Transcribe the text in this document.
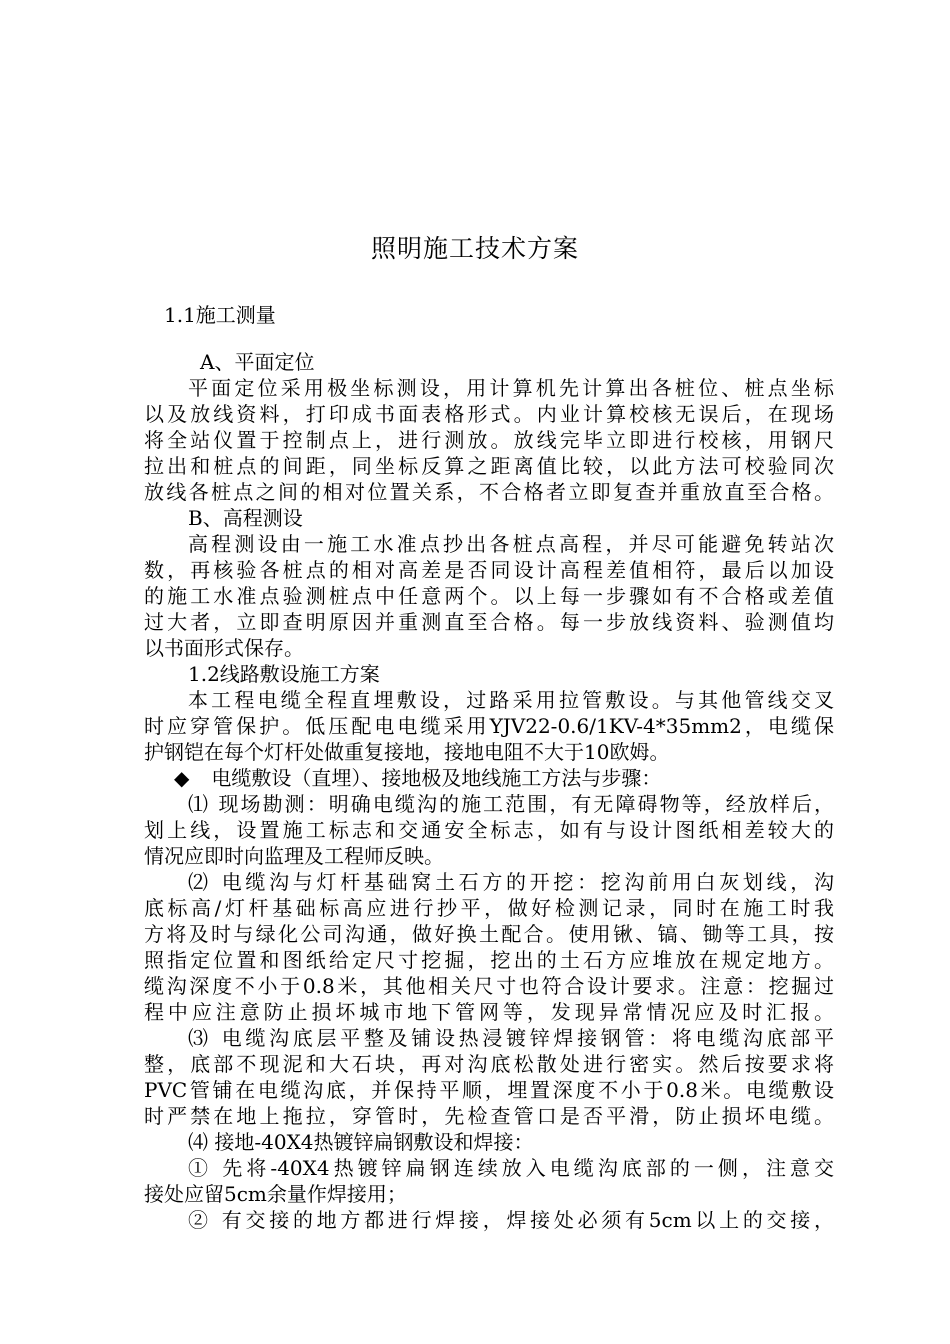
照明施工技术方案
1.1施工测量
A、平面定位
平面定位采用极坐标测设，用计算机先计算出各桩位、桩点坐标
以及放线资料，打印成书面表格形式。内业计算校核无误后，在现场
将全站仪置于控制点上，进行测放。放线完毕立即进行校核，用钢尺
拉出和桩点的间距，同坐标反算之距离值比较，以此方法可校验同次
放线各桩点之间的相对位置关系，不合格者立即复查并重放直至合格。
B、高程测设
高程测设由一施工水准点抄出各桩点高程，并尽可能避免转站次
数，再核验各桩点的相对高差是否同设计高程差值相符，最后以加设
的施工水准点验测桩点中任意两个。以上每一步骤如有不合格或差值
过大者，立即查明原因并重测直至合格。每一步放线资料、验测值均
以书面形式保存。
1.2线路敷设施工方案
本工程电缆全程直埋敷设，过路采用拉管敷设。与其他管线交叉
时应穿管保护。低压配电电缆采用YJV22-0.6/1KV-4*35mm2，电缆保
护钢铠在每个灯杆处做重复接地，接地电阻不大于10欧姆。
◆ 电缆敷设（直埋）、接地极及地线施工方法与步骤：
⑴ 现场勘测：明确电缆沟的施工范围，有无障碍物等，经放样后，
划上线，设置施工标志和交通安全标志，如有与设计图纸相差较大的
情况应即时向监理及工程师反映。
⑵ 电缆沟与灯杆基础窝土石方的开挖：挖沟前用白灰划线，沟
底标高/灯杆基础标高应进行抄平，做好检测记录，同时在施工时我
方将及时与绿化公司沟通，做好换土配合。使用锹、镐、锄等工具，按
照指定位置和图纸给定尺寸挖掘，挖出的土石方应堆放在规定地方。
缆沟深度不小于0.8米，其他相关尺寸也符合设计要求。注意：挖掘过
程中应注意防止损坏城市地下管网等，发现异常情况应及时汇报。
⑶ 电缆沟底层平整及铺设热浸镀锌焊接钢管：将电缆沟底部平
整，底部不现泥和大石块，再对沟底松散处进行密实。然后按要求将
PVC管铺在电缆沟底，并保持平顺，埋置深度不小于0.8米。电缆敷设
时严禁在地上拖拉，穿管时，先检查管口是否平滑，防止损坏电缆。
⑷ 接地-40X4热镀锌扁钢敷设和焊接：
① 先将-40X4热镀锌扁钢连续放入电缆沟底部的一侧，注意交
接处应留5cm余量作焊接用；
② 有交接的地方都进行焊接，焊接处必须有5cm以上的交接，
